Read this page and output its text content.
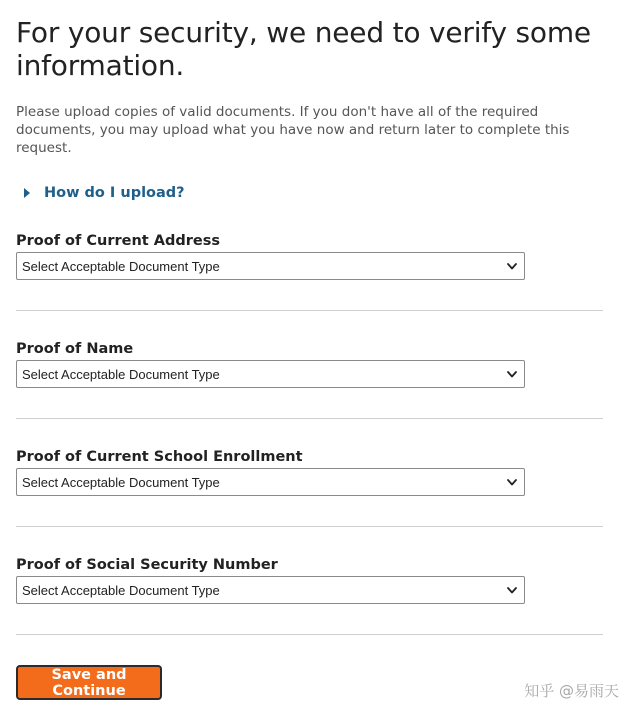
For your security, we need to verify some information.

Please upload copies of valid documents. If you don't have all of the required documents, you may upload what you have now and return later to complete this request.

How do I upload?

Proof of Current Address

Select Acceptable Document Type

Proof of Name

Select Acceptable Document Type

Proof of Current School Enrollment

Select Acceptable Document Type

Proof of Social Security Number

Select Acceptable Document Type
Save and Continue	知乎 @易雨天
